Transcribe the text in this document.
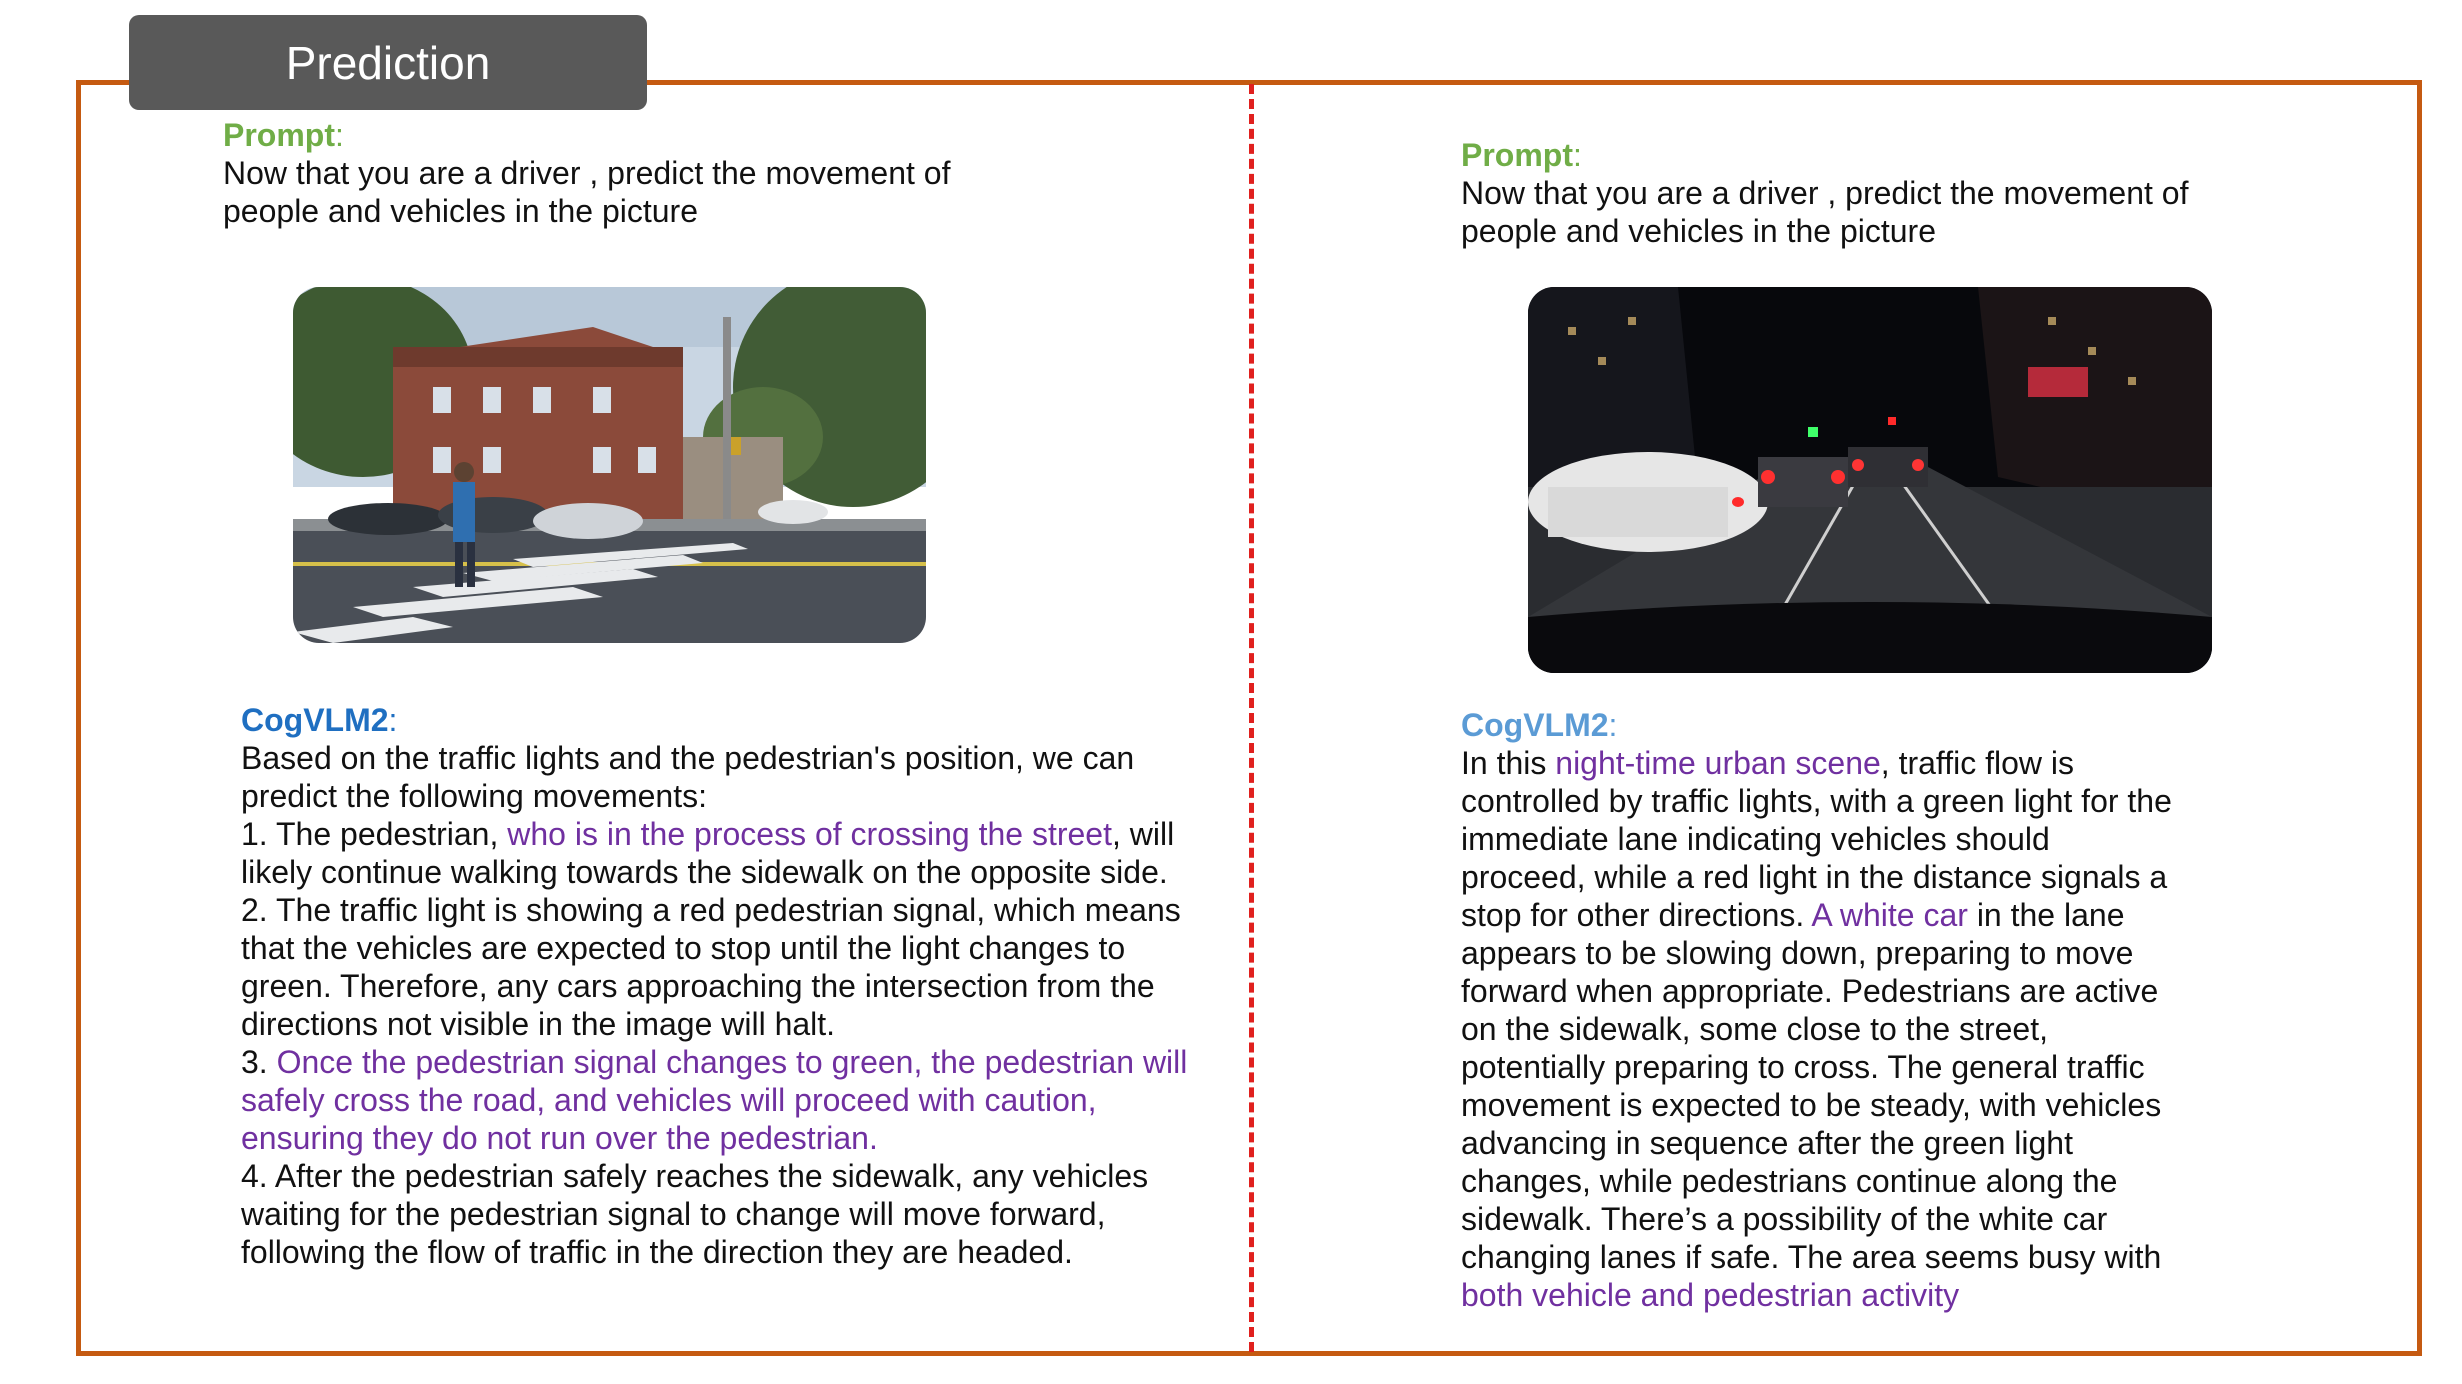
Prediction

Prompt:

Now that you are a driver , predict the movement of

people and vehicles in the picture

CogVLM2:

Based on the traffic lights and the pedestrian's position, we can

predict the following movements:

1. The pedestrian, who is in the process of crossing the street, will

likely continue walking towards the sidewalk on the opposite side.

2. The traffic light is showing a red pedestrian signal, which means

that the vehicles are expected to stop until the light changes to

green. Therefore, any cars approaching the intersection from the

directions not visible in the image will halt.

3. Once the pedestrian signal changes to green, the pedestrian will

safely cross the road, and vehicles will proceed with caution,

ensuring they do not run over the pedestrian.

4. After the pedestrian safely reaches the sidewalk, any vehicles

waiting for the pedestrian signal to change will move forward,

following the flow of traffic in the direction they are headed.

Prompt:

Now that you are a driver , predict the movement of

people and vehicles in the picture

CogVLM2:

In this night-time urban scene, traffic flow is

controlled by traffic lights, with a green light for the

immediate lane indicating vehicles should

proceed, while a red light in the distance signals a

stop for other directions. A white car in the lane

appears to be slowing down, preparing to move

forward when appropriate. Pedestrians are active

on the sidewalk, some close to the street,

potentially preparing to cross. The general traffic

movement is expected to be steady, with vehicles

advancing in sequence after the green light

changes, while pedestrians continue along the

sidewalk. There’s a possibility of the white car

changing lanes if safe. The area seems busy with

both vehicle and pedestrian activity
